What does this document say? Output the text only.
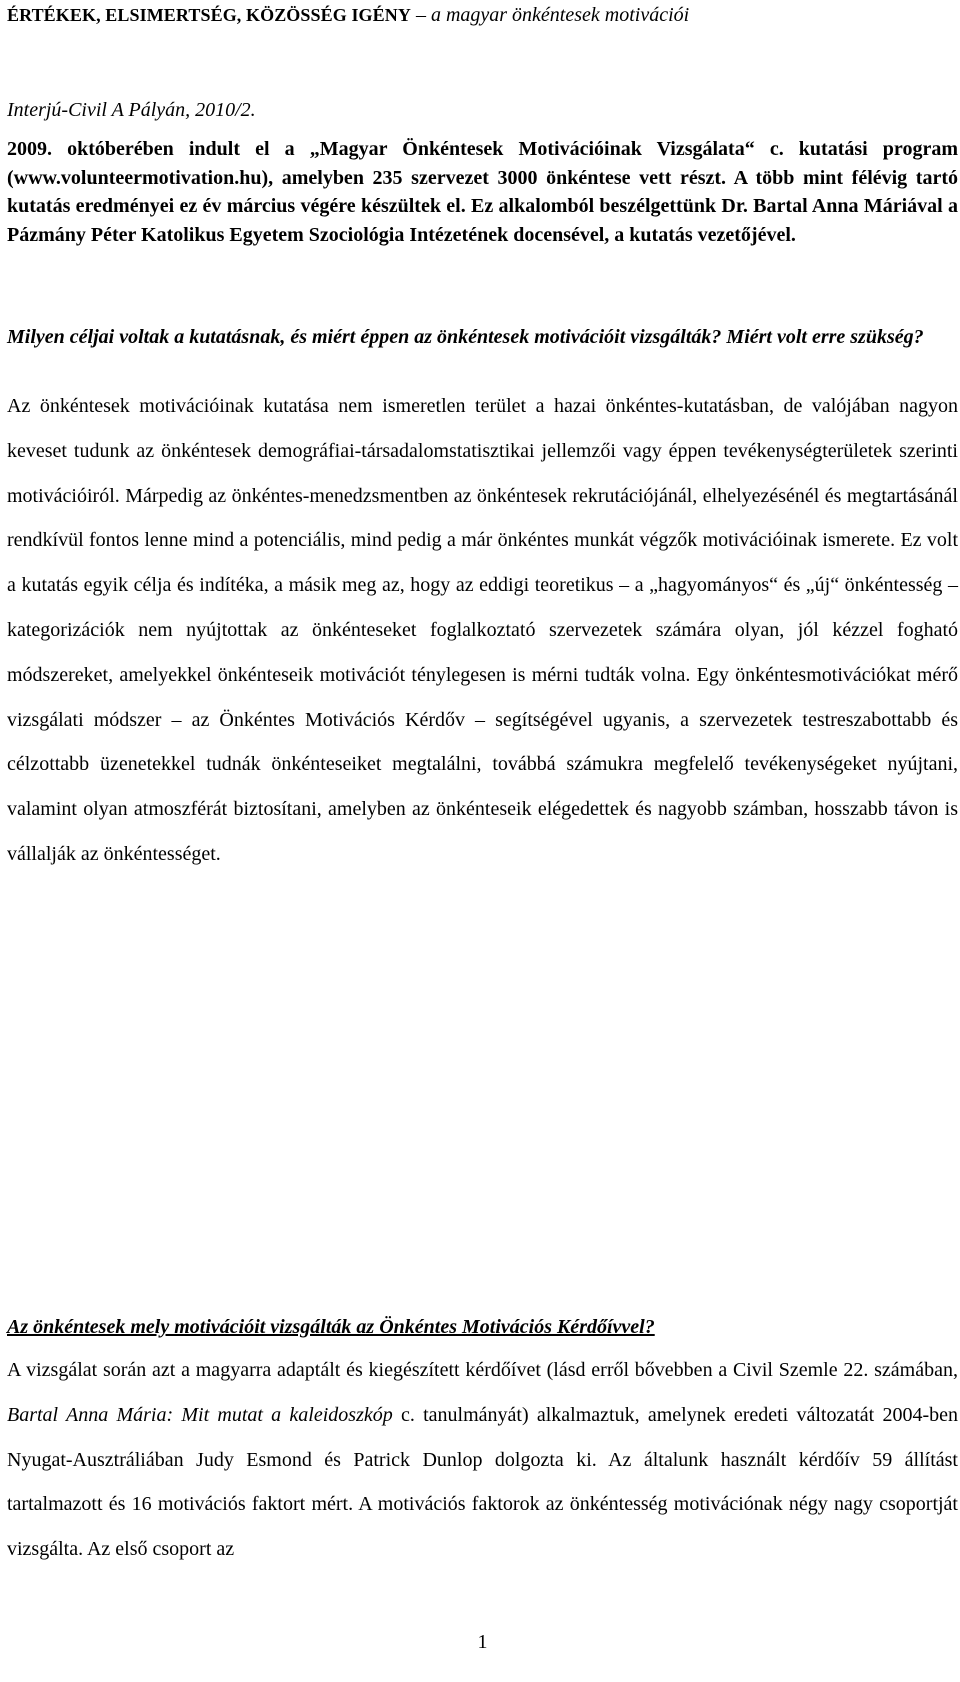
ÉRTÉKEK, ELSIMERTSÉG, KÖZÖSSÉG IGÉNY – a magyar önkéntesek motivációi
Interjú-Civil A Pályán, 2010/2.
2009. októberében indult el a „Magyar Önkéntesek Motivációinak Vizsgálata“ c. kutatási program (www.volunteermotivation.hu), amelyben 235 szervezet 3000 önkéntese vett részt. A több mint félévig tartó kutatás eredményei ez év március végére készültek el. Ez alkalomból beszélgettünk Dr. Bartal Anna Máriával a Pázmány Péter Katolikus Egyetem Szociológia Intézetének docensével, a kutatás vezetőjével.
Milyen céljai voltak a kutatásnak, és miért éppen az önkéntesek motivációit vizsgálták? Miért volt erre szükség?
Az önkéntesek motivációinak kutatása nem ismeretlen terület a hazai önkéntes-kutatásban, de valójában nagyon keveset tudunk az önkéntesek demográfiai-társadalomstatisztikai jellemzői vagy éppen tevékenységterületek szerinti motivációiról. Márpedig az önkéntes-menedzsmentben az önkéntesek rekrutációjánál, elhelyezésénél és megtartásánál rendkívül fontos lenne mind a potenciális, mind pedig a már önkéntes munkát végzők motivációinak ismerete. Ez volt a kutatás egyik célja és indítéka, a másik meg az, hogy az eddigi teoretikus – a „hagyományos“ és „új“ önkéntesség – kategorizációk nem nyújtottak az önkénteseket foglalkoztató szervezetek számára olyan, jól kézzel fogható módszereket, amelyekkel önkénteseik motivációt ténylegesen is mérni tudták volna. Egy önkéntesmotivációkat mérő vizsgálati módszer – az Önkéntes Motivációs Kérdőv – segítségével ugyanis, a szervezetek testreszabottabb és célzottabb üzenetekkel tudnák önkénteseiket megtalálni, továbbá számukra megfelelő tevékenységeket nyújtani, valamint olyan atmoszférát biztosítani, amelyben az önkénteseik elégedettek és nagyobb számban, hosszabb távon is vállalják az önkéntességet.
Az önkéntesek mely motivációit vizsgálták az Önkéntes Motivációs Kérdőívvel?
A vizsgálat során azt a magyarra adaptált és kiegészített kérdőívet (lásd erről bővebben a Civil Szemle 22. számában, Bartal Anna Mária: Mit mutat a kaleidoszkóp c. tanulmányát) alkalmaztuk, amelynek eredeti változatát 2004-ben Nyugat-Ausztráliában Judy Esmond és Patrick Dunlop dolgozta ki. Az általunk használt kérdőív 59 állítást tartalmazott és 16 motivációs faktort mért. A motivációs faktorok az önkéntesség motivációnak négy nagy csoportját vizsgálta. Az első csoport az
1
